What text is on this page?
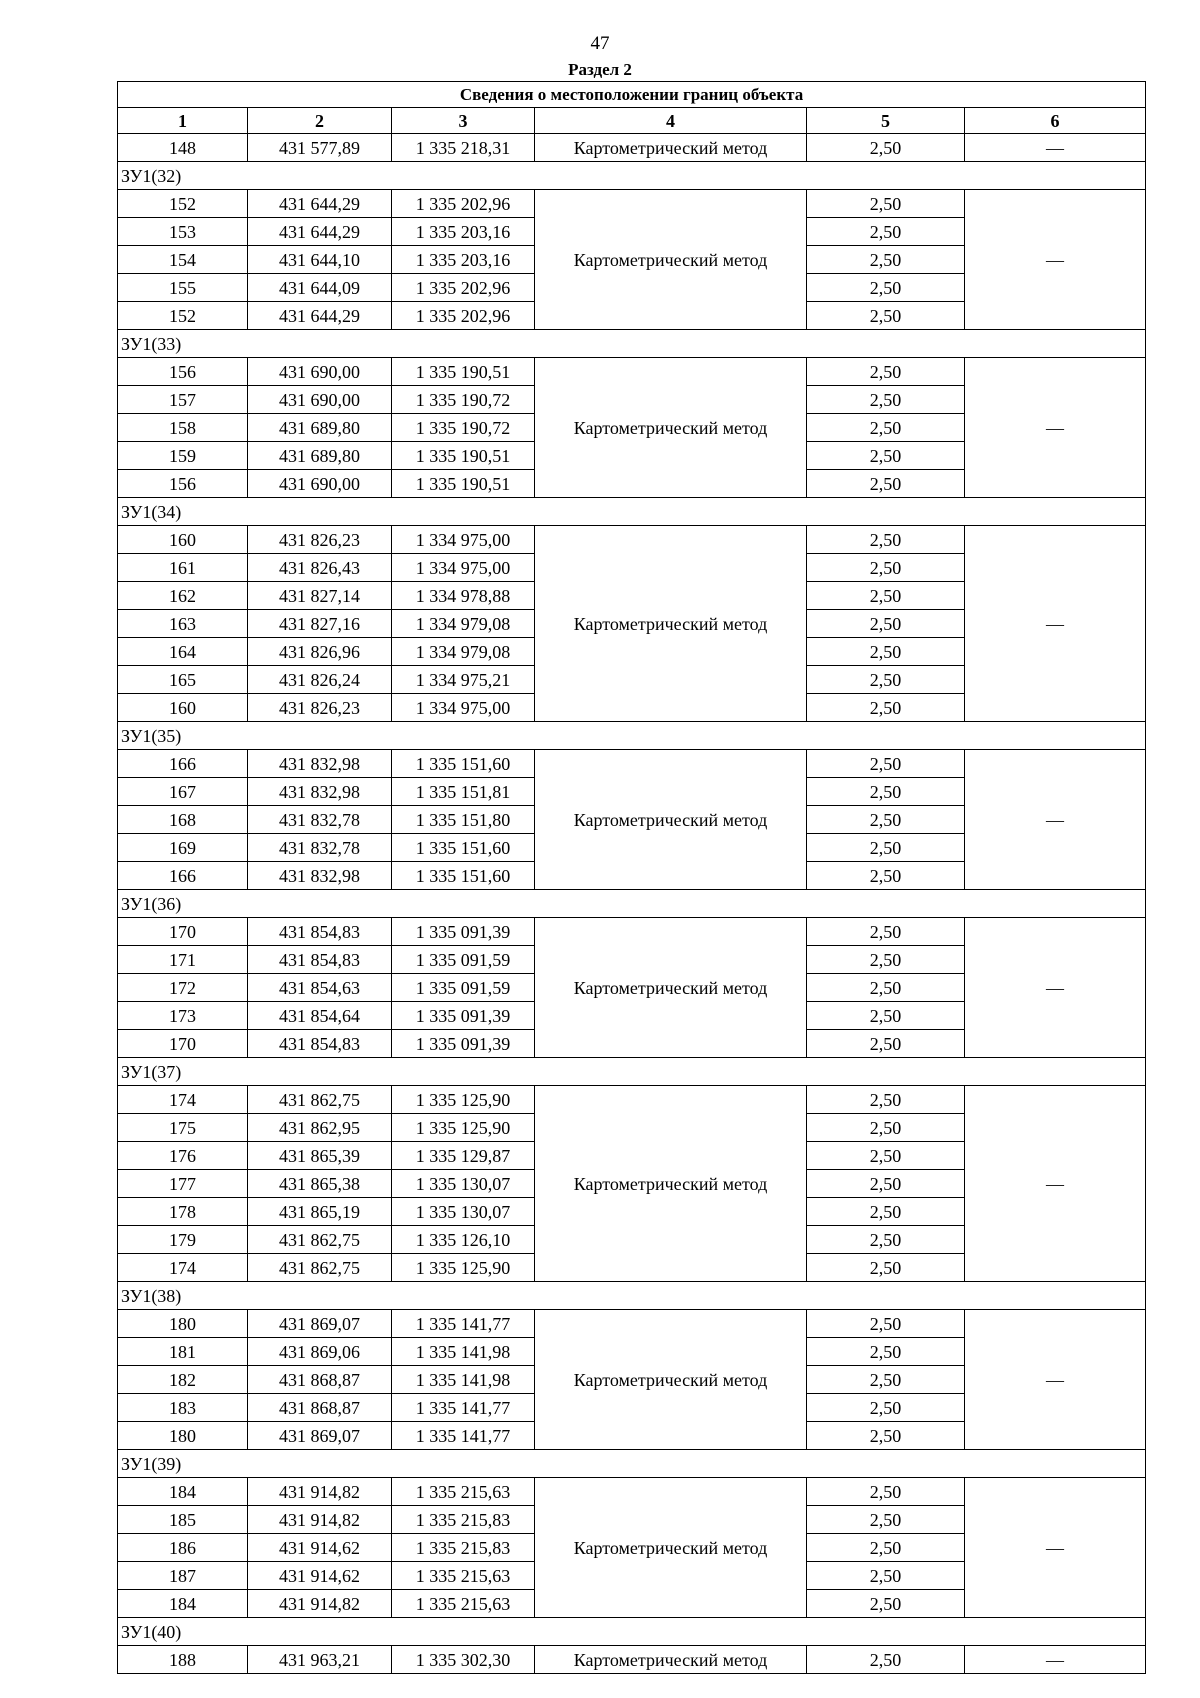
47
Раздел 2
Сведения о местоположении границ объекта					
1	2	3	4	5	6
148	431 577,89	1 335 218,31	Картометрический метод	2,50	—
ЗУ1(32)					
152	431 644,29	1 335 202,96	Картометрический метод	2,50	—
153	431 644,29	1 335 203,16		2,50	
154	431 644,10	1 335 203,16		2,50	
155	431 644,09	1 335 202,96		2,50	
152	431 644,29	1 335 202,96		2,50	
ЗУ1(33)					
156	431 690,00	1 335 190,51	Картометрический метод	2,50	—
157	431 690,00	1 335 190,72		2,50	
158	431 689,80	1 335 190,72		2,50	
159	431 689,80	1 335 190,51		2,50	
156	431 690,00	1 335 190,51		2,50	
ЗУ1(34)					
160	431 826,23	1 334 975,00	Картометрический метод	2,50	—
161	431 826,43	1 334 975,00		2,50	
162	431 827,14	1 334 978,88		2,50	
163	431 827,16	1 334 979,08		2,50	
164	431 826,96	1 334 979,08		2,50	
165	431 826,24	1 334 975,21		2,50	
160	431 826,23	1 334 975,00		2,50	
ЗУ1(35)					
166	431 832,98	1 335 151,60	Картометрический метод	2,50	—
167	431 832,98	1 335 151,81		2,50	
168	431 832,78	1 335 151,80		2,50	
169	431 832,78	1 335 151,60		2,50	
166	431 832,98	1 335 151,60		2,50	
ЗУ1(36)					
170	431 854,83	1 335 091,39	Картометрический метод	2,50	—
171	431 854,83	1 335 091,59		2,50	
172	431 854,63	1 335 091,59		2,50	
173	431 854,64	1 335 091,39		2,50	
170	431 854,83	1 335 091,39		2,50	
ЗУ1(37)					
174	431 862,75	1 335 125,90	Картометрический метод	2,50	—
175	431 862,95	1 335 125,90		2,50	
176	431 865,39	1 335 129,87		2,50	
177	431 865,38	1 335 130,07		2,50	
178	431 865,19	1 335 130,07		2,50	
179	431 862,75	1 335 126,10		2,50	
174	431 862,75	1 335 125,90		2,50	
ЗУ1(38)					
180	431 869,07	1 335 141,77	Картометрический метод	2,50	—
181	431 869,06	1 335 141,98		2,50	
182	431 868,87	1 335 141,98		2,50	
183	431 868,87	1 335 141,77		2,50	
180	431 869,07	1 335 141,77		2,50	
ЗУ1(39)					
184	431 914,82	1 335 215,63	Картометрический метод	2,50	—
185	431 914,82	1 335 215,83		2,50	
186	431 914,62	1 335 215,83		2,50	
187	431 914,62	1 335 215,63		2,50	
184	431 914,82	1 335 215,63		2,50	
ЗУ1(40)					
188	431 963,21	1 335 302,30	Картометрический метод	2,50	—
